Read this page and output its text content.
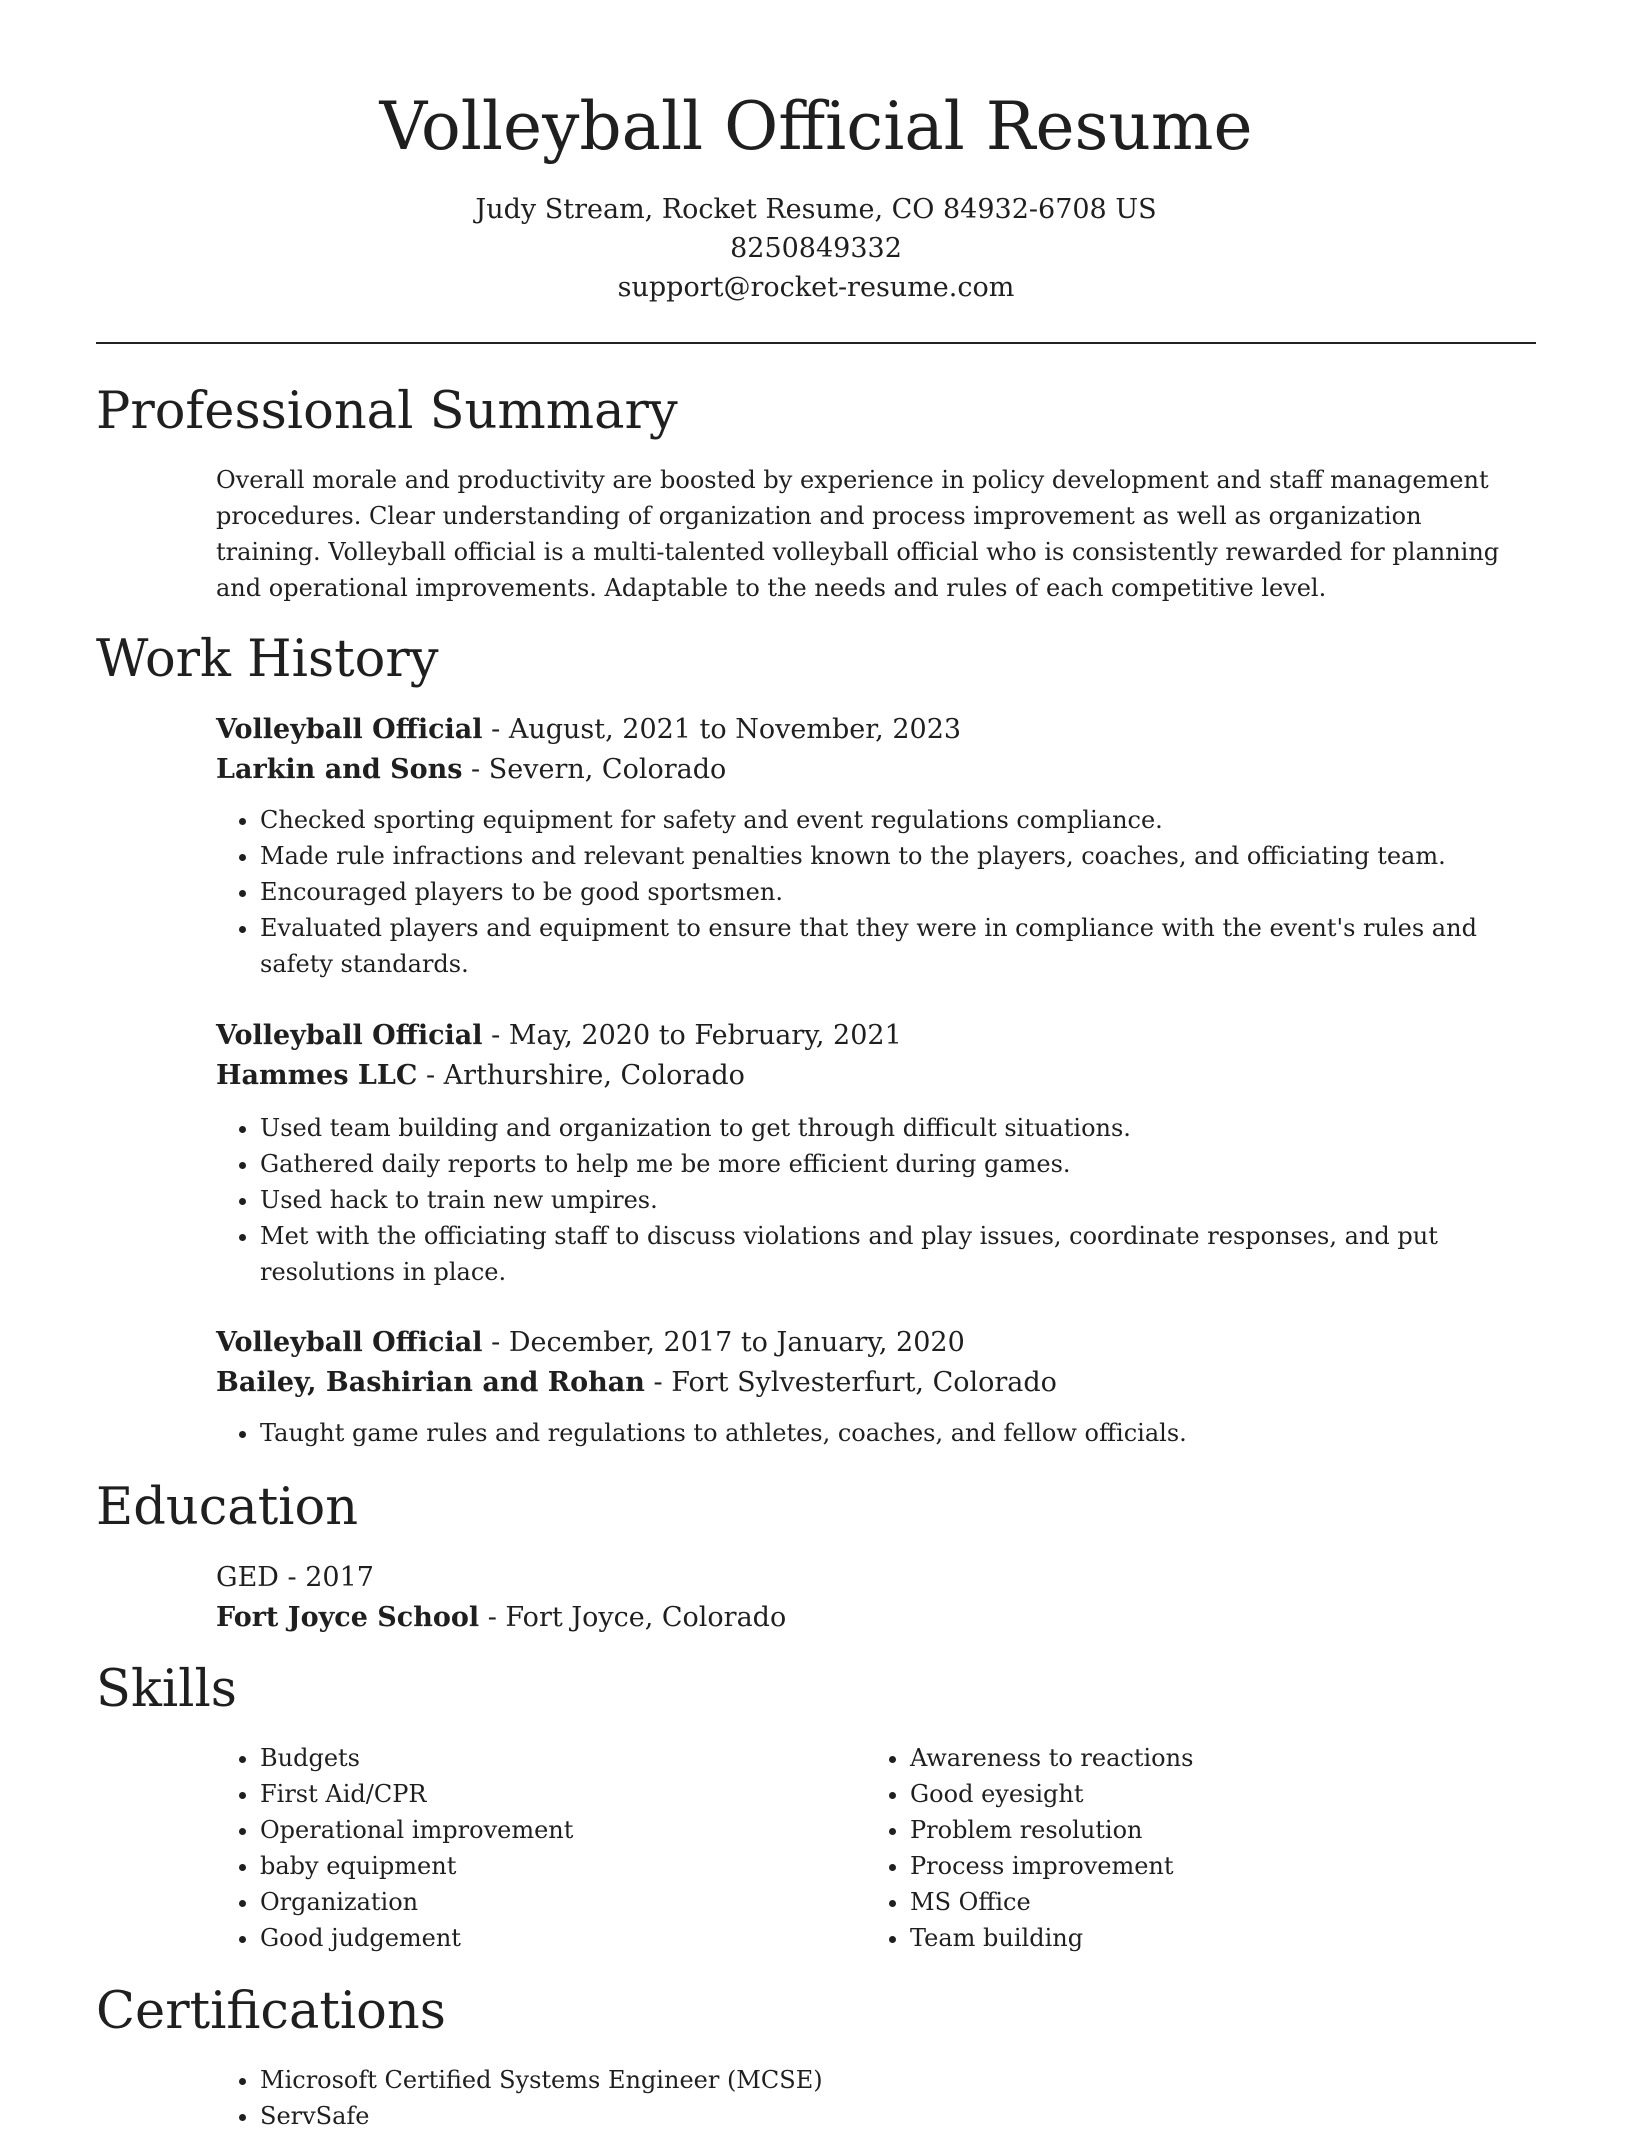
Volleyball Official Resume
Judy Stream, Rocket Resume, CO 84932-6708 US
8250849332
support@rocket-resume.com
Professional Summary

Overall morale and productivity are boosted by experience in policy development and staff management procedures. Clear understanding of organization and process improvement as well as organization training. Volleyball official is a multi-talented volleyball official who is consistently rewarded for planning and operational improvements. Adaptable to the needs and rules of each competitive level.

Work History

Volleyball Official - August, 2021 to November, 2023

Larkin and Sons - Severn, Colorado

• Checked sporting equipment for safety and event regulations compliance.
• Made rule infractions and relevant penalties known to the players, coaches, and officiating team.
• Encouraged players to be good sportsmen.
• Evaluated players and equipment to ensure that they were in compliance with the event's rules and safety standards.

Volleyball Official - May, 2020 to February, 2021

Hammes LLC - Arthurshire, Colorado

• Used team building and organization to get through difficult situations.
• Gathered daily reports to help me be more efficient during games.
• Used hack to train new umpires.
• Met with the officiating staff to discuss violations and play issues, coordinate responses, and put resolutions in place.

Volleyball Official - December, 2017 to January, 2020

Bailey, Bashirian and Rohan - Fort Sylvesterfurt, Colorado

• Taught game rules and regulations to athletes, coaches, and fellow officials.
Education

GED - 2017

Fort Joyce School - Fort Joyce, Colorado

Skills
• Budgets
• First Aid/CPR
• Operational improvement
• baby equipment
• Organization
• Good judgement
• Awareness to reactions
• Good eyesight
• Problem resolution
• Process improvement
• MS Office
• Team building
Certifications
• Microsoft Certified Systems Engineer (MCSE)
• ServSafe
